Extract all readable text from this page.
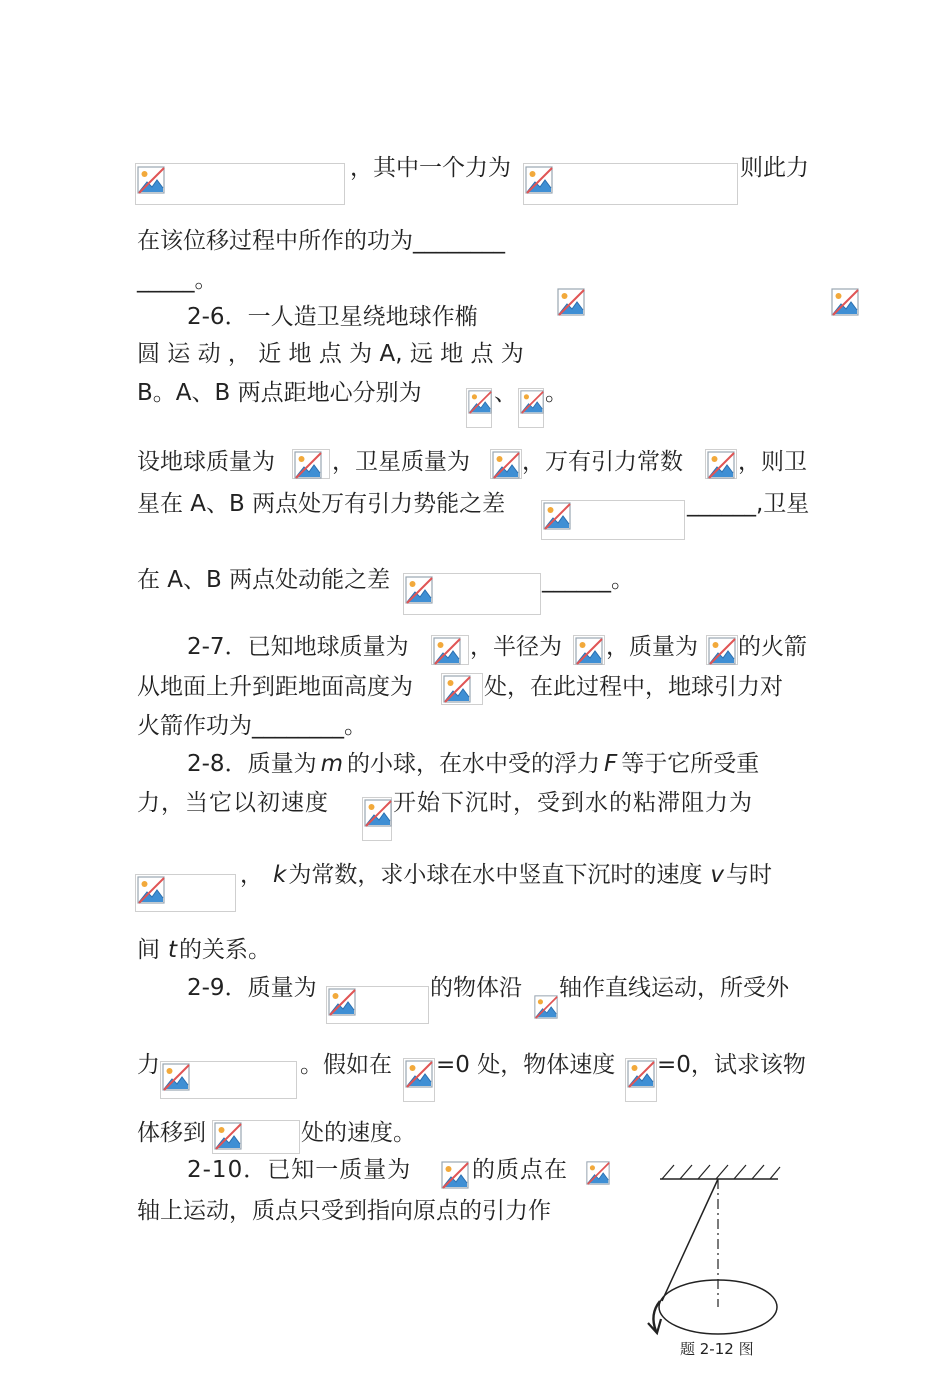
，其中一个力为	则此力
在该位移过程中所作的功为________
_____。
2-6．一人造卫星绕地球作椭
圆 运 动 ， 近 地 点 为 A, 远 地 点 为
B。A、B 两点距地心分别为	、 。
设地球质量为 ，卫星质量为 ，万有引力常数 ，则卫
星在 A、B 两点处万有引力势能之差	______,卫星
在 A、B 两点处动能之差	______。
2-7．已知地球质量为	，半径为 ，质量为 的火箭
从地面上升到距地面高度为	处，在此过程中，地球引力对
火箭作功为________。
2-8．质量为 m 的小球，在水中受的浮力 F 等于它所受重
力，当它以初速度	开始下沉时，受到水的粘滞阻力为
， k为常数，求小球在水中竖直下沉时的速度 v与时
间 t的关系。
2-9．质量为	的物体沿 轴作直线运动，所受外
力	。假如在 =0 处，物体速度 =0，试求该物
体移到	处的速度。
2-10．已知一质量为	的质点在
轴上运动，质点只受到指向原点的引力作
题 2-12 图
